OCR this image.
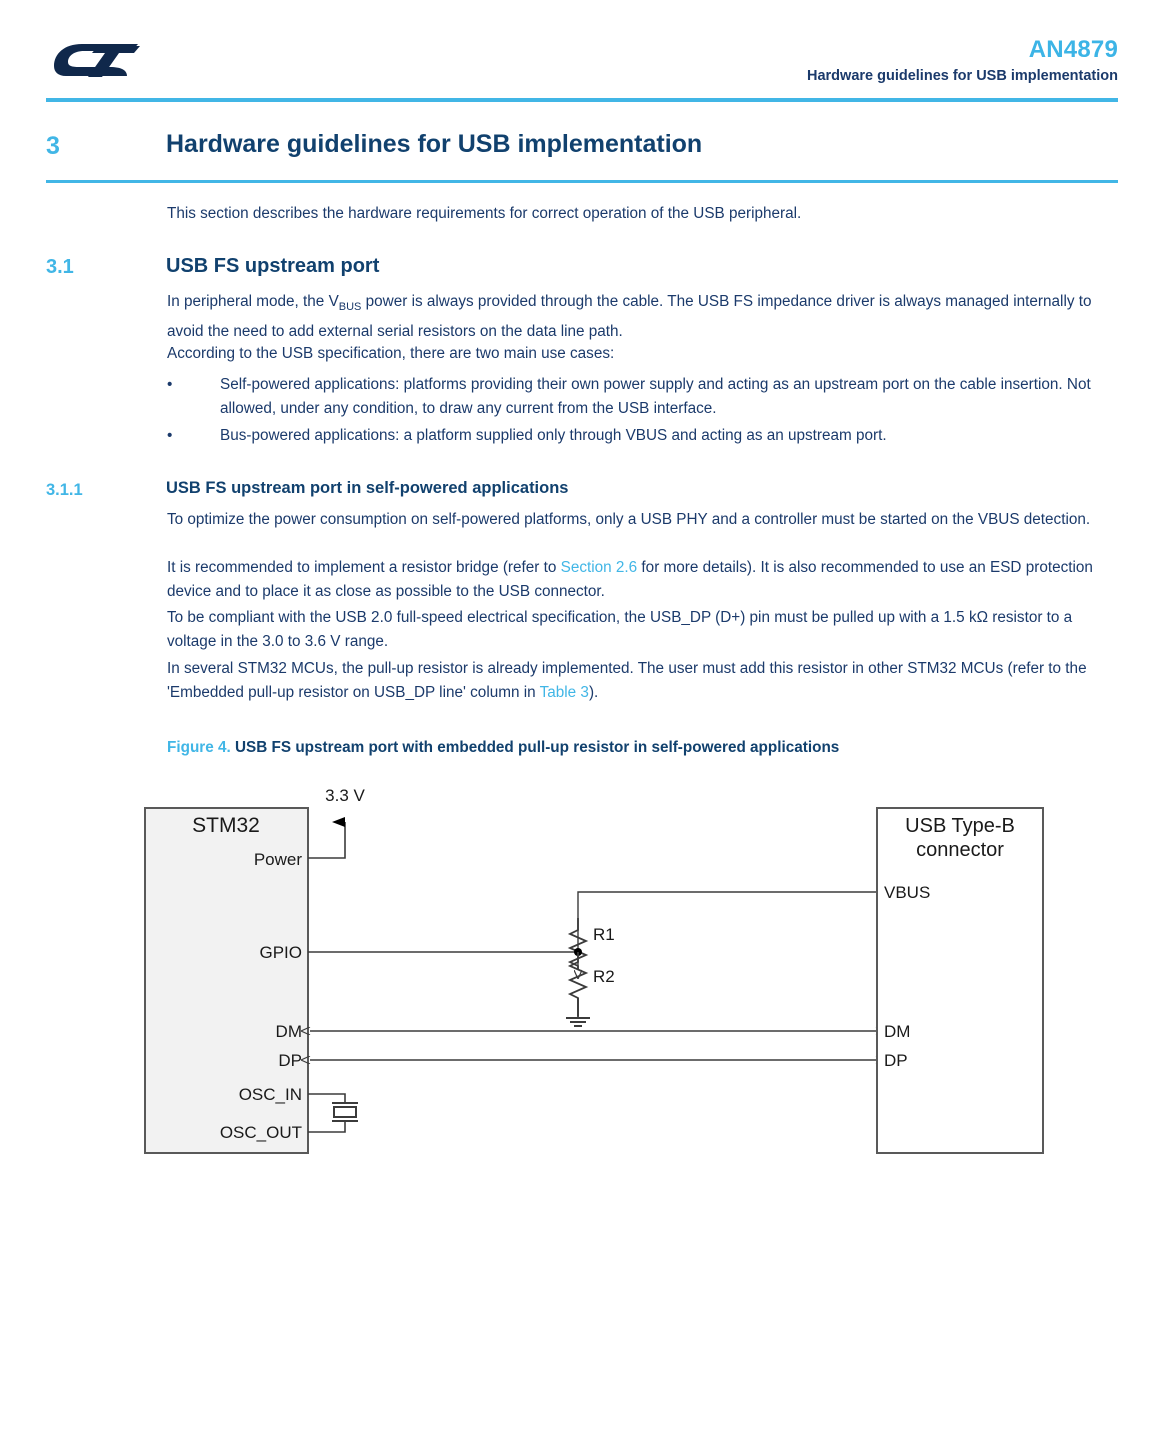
AN4879
Hardware guidelines for USB implementation
3	Hardware guidelines for USB implementation
This section describes the hardware requirements for correct operation of the USB peripheral.
3.1	USB FS upstream port
In peripheral mode, the $V_{BUS}$ power is always provided through the cable. The USB FS impedance driver is always managed internally to avoid the need to add external serial resistors on the data line path.
According to the USB specification, there are two main use cases:
•	Self-powered applications: platforms providing their own power supply and acting as an upstream port on the cable insertion. Not allowed, under any condition, to draw any current from the USB interface.
•	Bus-powered applications: a platform supplied only through VBUS and acting as an upstream port.
3.1.1	USB FS upstream port in self-powered applications
To optimize the power consumption on self-powered platforms, only a USB PHY and a controller must be started on the VBUS detection.
It is recommended to implement a resistor bridge (refer to Section 2.6 for more details). It is also recommended to use an ESD protection device and to place it as close as possible to the USB connector.
To be compliant with the USB 2.0 full-speed electrical specification, the USB_DP (D+) pin must be pulled up with a 1.5 kΩ resistor to a voltage in the 3.0 to 3.6 V range.
In several STM32 MCUs, the pull-up resistor is already implemented. The user must add this resistor in other STM32 MCUs (refer to the 'Embedded pull-up resistor on USB_DP line' column in Table 3).
Figure 4. USB FS upstream port with embedded pull-up resistor in self-powered applications
STM32
Power
3.3 V
GPIO
DM
DP
OSC_IN
OSC_OUT
R1
R2
USB Type-B
connector
VBUS
DM
DP
